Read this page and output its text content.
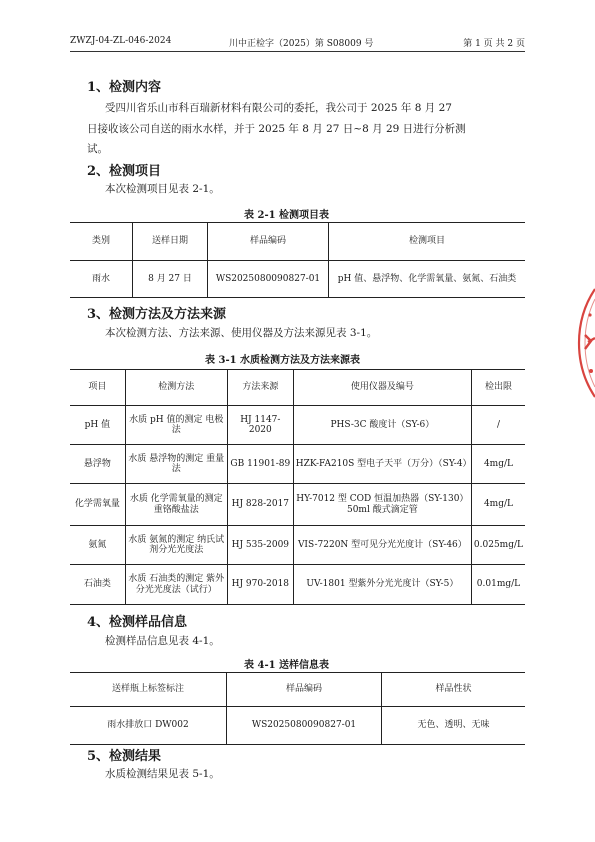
ZWZJ-04-ZL-046-2024	川中正检字（2025）第 S08009 号	第 1 页 共 2 页
1、检测内容
受四川省乐山市科百瑞新材料有限公司的委托，我公司于 2025 年 8 月 27
日接收该公司自送的雨水水样，并于 2025 年 8 月 27 日~8 月 29 日进行分析测
试。
2、检测项目
本次检测项目见表 2-1。
表 2-1 检测项目表
类别	送样日期	样品编码	检测项目
雨水	8 月 27 日	WS2025080090827-01	pH 值、悬浮物、化学需氧量、氨氮、石油类
3、检测方法及方法来源
本次检测方法、方法来源、使用仪器及方法来源见表 3-1。
表 3-1 水质检测方法及方法来源表
项目	检测方法	方法来源	使用仪器及编号	检出限
pH 值	水质 pH 值的测定 电极法	HJ 1147-2020	PHS-3C 酸度计（SY-6）	/
悬浮物	水质 悬浮物的测定 重量法	GB 11901-89	HZK-FA210S 型电子天平（万分）（SY-4）	4mg/L
化学需氧量	水质 化学需氧量的测定 重铬酸盐法	HJ 828-2017	HY-7012 型 COD 恒温加热器（SY-130）50ml 酸式滴定管	4mg/L
氨氮	水质 氨氮的测定 纳氏试剂分光光度法	HJ 535-2009	VIS-7220N 型可见分光光度计（SY-46）	0.025mg/L
石油类	水质 石油类的测定 紫外分光光度法（试行）	HJ 970-2018	UV-1801 型紫外分光光度计（SY-5）	0.01mg/L
4、检测样品信息
检测样品信息见表 4-1。
表 4-1 送样信息表
送样瓶上标签标注	样品编码	样品性状
雨水排放口 DW002	WS2025080090827-01	无色、透明、无味
5、检测结果
水质检测结果见表 5-1。
